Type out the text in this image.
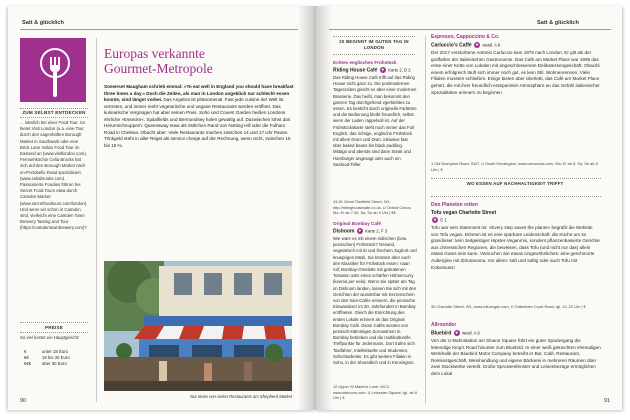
Satt & glücklich
ZUM SELBST ENTDECKEN
... nämlich bei einer Food Tour. So bietet Visit London (u.a. eine Tour durch den sagenhaften Borough Market in Southwark oder eine Brick Lane Indian Food Tour im Eastend an (www.visitlondon.com). Fernsehköchin Celia Brooks hat sich auf den Borough Market nach en-Portobello Road spezialisiert (www.celiabrooks.com). Passionierte Foodies führen bei Secret Food Tours etwa durch Camden Market (www.secretfoodtours.com/london). Und wenn wir schon in Camden sind, vielleicht eine Camden Town Brewery Tasting and Tour (https://camdentownbrewery.com)?
PREISE
So viel kostet ein Hauptgericht:
€	unter 18 Euro
€€	18 bis 30 Euro
€€€	über 30 Euro
Europas verkannte
Gourmet-Metropole
Somerset Maugham schrieb einmal: »To eat well in England you should have breakfast three times a day.« Doch die Zeiten, als man in London angeblich nur schlecht essen konnte, sind längst vorbei. Das Angebot ist phänomenal. Fast jede cuisine der Welt ist vertreten, und immer mehr vegetarische und vegane Restaurants werden eröffnet. Das kulinarische Vergnügen hat aber seinen Preis. Soho und Covent Garden heißen Londons ehrliche »Esseckn«, Spitalfields und Bermondsey holen gewaltig auf. Dazwischen lohnt das Herumschnuppern: Queensway etwa als östlichen Rand von Notting Hill oder die Fulham Road in Chelsea. Obacht aber: Viele Restaurants machen zwischen 14 und 17 Uhr Pause. Trinkgeld steht in aller Regel als service charge auf der Rechnung, wenn nicht, zwischen 10 bis 15 %.
Nur eines von vielen Restaurants am Shepherd Market
90
Satt & glücklich
20 BEGINNT IM GUTEN TAG IN LONDON
Echtes englisches Frühstück
Riding House Café ⌖ Karte 2, D 2
Das Riding House Café trifft auf das Riding House nicht ganz zu. Die postmodernen Tageszeiten gleicht es aber einer modernen Brasserie. Das heißt, man bekommt den ganzen Tag durchgehend vgerklebtes zu essen. Es besticht durch originelle Farbtöne und die Bedienung bleibt freundlich, selbst wenn der Laden rappelvoll ist. Auf der Frühstückskarte steht noch immer das Full English; das richtige, englische Frühstück mit allem Drum und Dran, inklusive fast über baked beans bis black pudding. Mittags und abends sind dann Steak und Hamburger angesagt oder auch ein Seafood-Teller.
43-51 Great Titchfield Street, W1, http://ridinghousecafe.co.uk, U Oxford Circus, Mo–Fr ab 7.30, Sa, So ab 9 Uhr | €€
Original Bombay Café
Dishoom ⌖ Karte 2, F 3
Wie wäre es mit einem indischen (bzw. persischen) Frühstück? Gesund, vegetarisch mit Ei und frischem Joghurt und knusprigen Müsli. Sie könnten aber auch den Klassiker für Frühstück essen: naan roll; Bombay-Omelette mit gebratenen Tomaten oder einen schärfen Hühnercurry (keema per eelu). Wenn Sie später am Tag im Dishoom landen, lassen Sie sich mit den Gerichten der wunderbar mit Kerzenschein von den Irani-Cafés erinnern, die persische Einwanderer im 20. Jahrhundert in Bombay eröffneten. Gleich die Einrichtung des ersten Lokals erinnert an das Original Bombay Café. Diese Cafés wooten von persisch-stämmigen Zoroastriern in Bombay betrieben und die multikulturelle Treffpunkte für Jedermann. Dort trafen sich Taxifahrer, Intellektuelle und Studenten, Schichtarbeiter, Es gibt weitere Filialen in Soho, in der Shoreditch und in Kensington.
12 Upper St Martin's Lane, WC2, www.dishoom.com, U Leicester Square, tgl. ab 8 Uhr | €
Espresso, Cappuccino & Co.
Carluccio's Caffè ⌖ westl. A 6
Der 2017 verstorbene Antonio Carluccio kam 1975 nach London. Er gilt als der godfather der italienischen Gastronomie. Das Café am Market Place war 1999 das erste einer Kette von Lokalen mit angeschlossenem Delikatessengeschäft. Obwohl einem erfolgreich läuft sich immer noch gut, es kein Stil. Wohnenrennen. Viele Filialen mussten schließen. Einige bieten aber überlebt, das Café am Market Place gehört, die mit ihrer freundlich-entspannten Atmosphäre an das Gefühl italienischer Spezialitäten erinnern zu beginnen.
1 Old Brompton Road, SW7, U South Kensington, www.carluccios.com, Mo–Fr ab 8, Sa, So ab 9 Uhr | €
WO ESSEN AUF NACHHALTIGKEIT TRIFFT
Den Planeten retten
Tofu vegan Charlotte Street
⌖ E 1
Tofu war sein Statement ist: »Every step saves the planet« begrüßt die Website von Tofu vegan. Drinnen ist es eine spürbare Leidenschaft: die Küche um so grandioser: kein zeitgeistiger Hipster-Veganmix, sondern pflanzenbasierte Gerichte aus chinesischen Regionen, die beweisen, dass Tofu (und nicht nur das) allein etwas Gutes sein kann. Versuchen Sie etwas Ungewöhnliches: eine geschmorte Aubergine mit Zitrusaroma. Vor allem: süß und saftig oder auch Tofu mit Kokosnuss!
32 Charlotte Street, W1, www.tofuvegan.com, U Tottenham Court Road, tgl. 12–22 Uhr | €
Allrounder
Bluebird ⌖ westl. A 9
Von der U-Bahnstation am Sloane Square führt ein guter Spaziergang die lebendige King's Road hinunter zum Bluebird. In einer weiß getünchten ehemaligen Werkhalle der Bluebird Motor Company betreibt er Bar, Café, Restaurant, Reinkostgeschäft, Weinhandlung und eigene Bäckerei in mehreren Räumen über zwei Stockwerke verteilt. Große Sprossenfenster und Leinenbezüge ermöglichen dem Lokal
91
